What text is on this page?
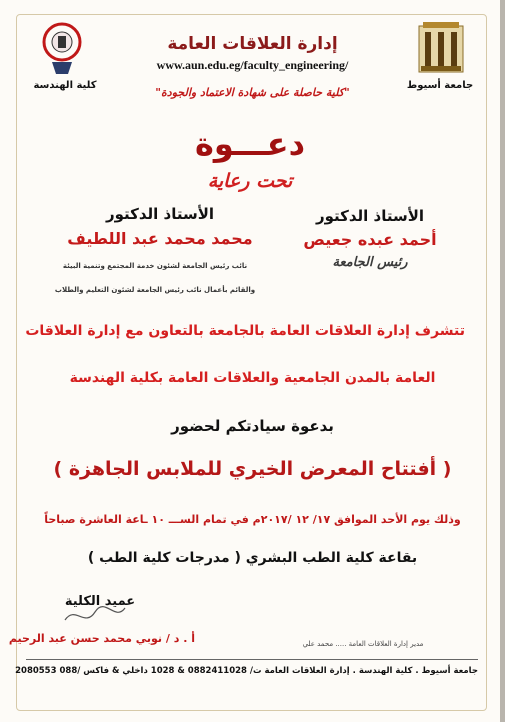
جامعة أسيوط
كلية الهندسة
إدارة العلاقات العامة
www.aun.edu.eg/faculty_engineering/
"كلية حاصلة على شهادة الاعتماد والجودة"
دعـــوة
تحت رعاية
الأستاذ الدكتور
أحمد عبده جعيص
رئيس الجامعة
الأستاذ الدكتور
محمد محمد عبد اللطيف
نائب رئيس الجامعة لشئون خدمة المجتمع وتنمية البيئة
والقائم بأعمال نائب رئيس الجامعة لشئون التعليم والطلاب
تتشرف إدارة العلاقات العامة بالجامعة بالتعاون مع إدارة العلاقات
العامة بالمدن الجامعية والعلاقات العامة بكلية الهندسة
بدعوة سيادتكم لحضور
( أفتتاح المعرض الخيري للملابس الجاهزة )
وذلك يوم الأحد الموافق ١٧/ ١٢ /٢٠١٧م في تمام الســـ ١٠ ـاعة العاشرة صباحاً
بقاعة كلية الطب البشري ( مدرجات كلية الطب )
عميد الكلية
أ . د / نوبي محمد حسن عبد الرحيم	مدير إدارة العلاقات العامة ..... محمد علي
جامعة أسيوط . كلية الهندسة . إدارة العلاقات العامة ت/ 0882411028 & 1028 داخلي & فاكس /088 2080553
